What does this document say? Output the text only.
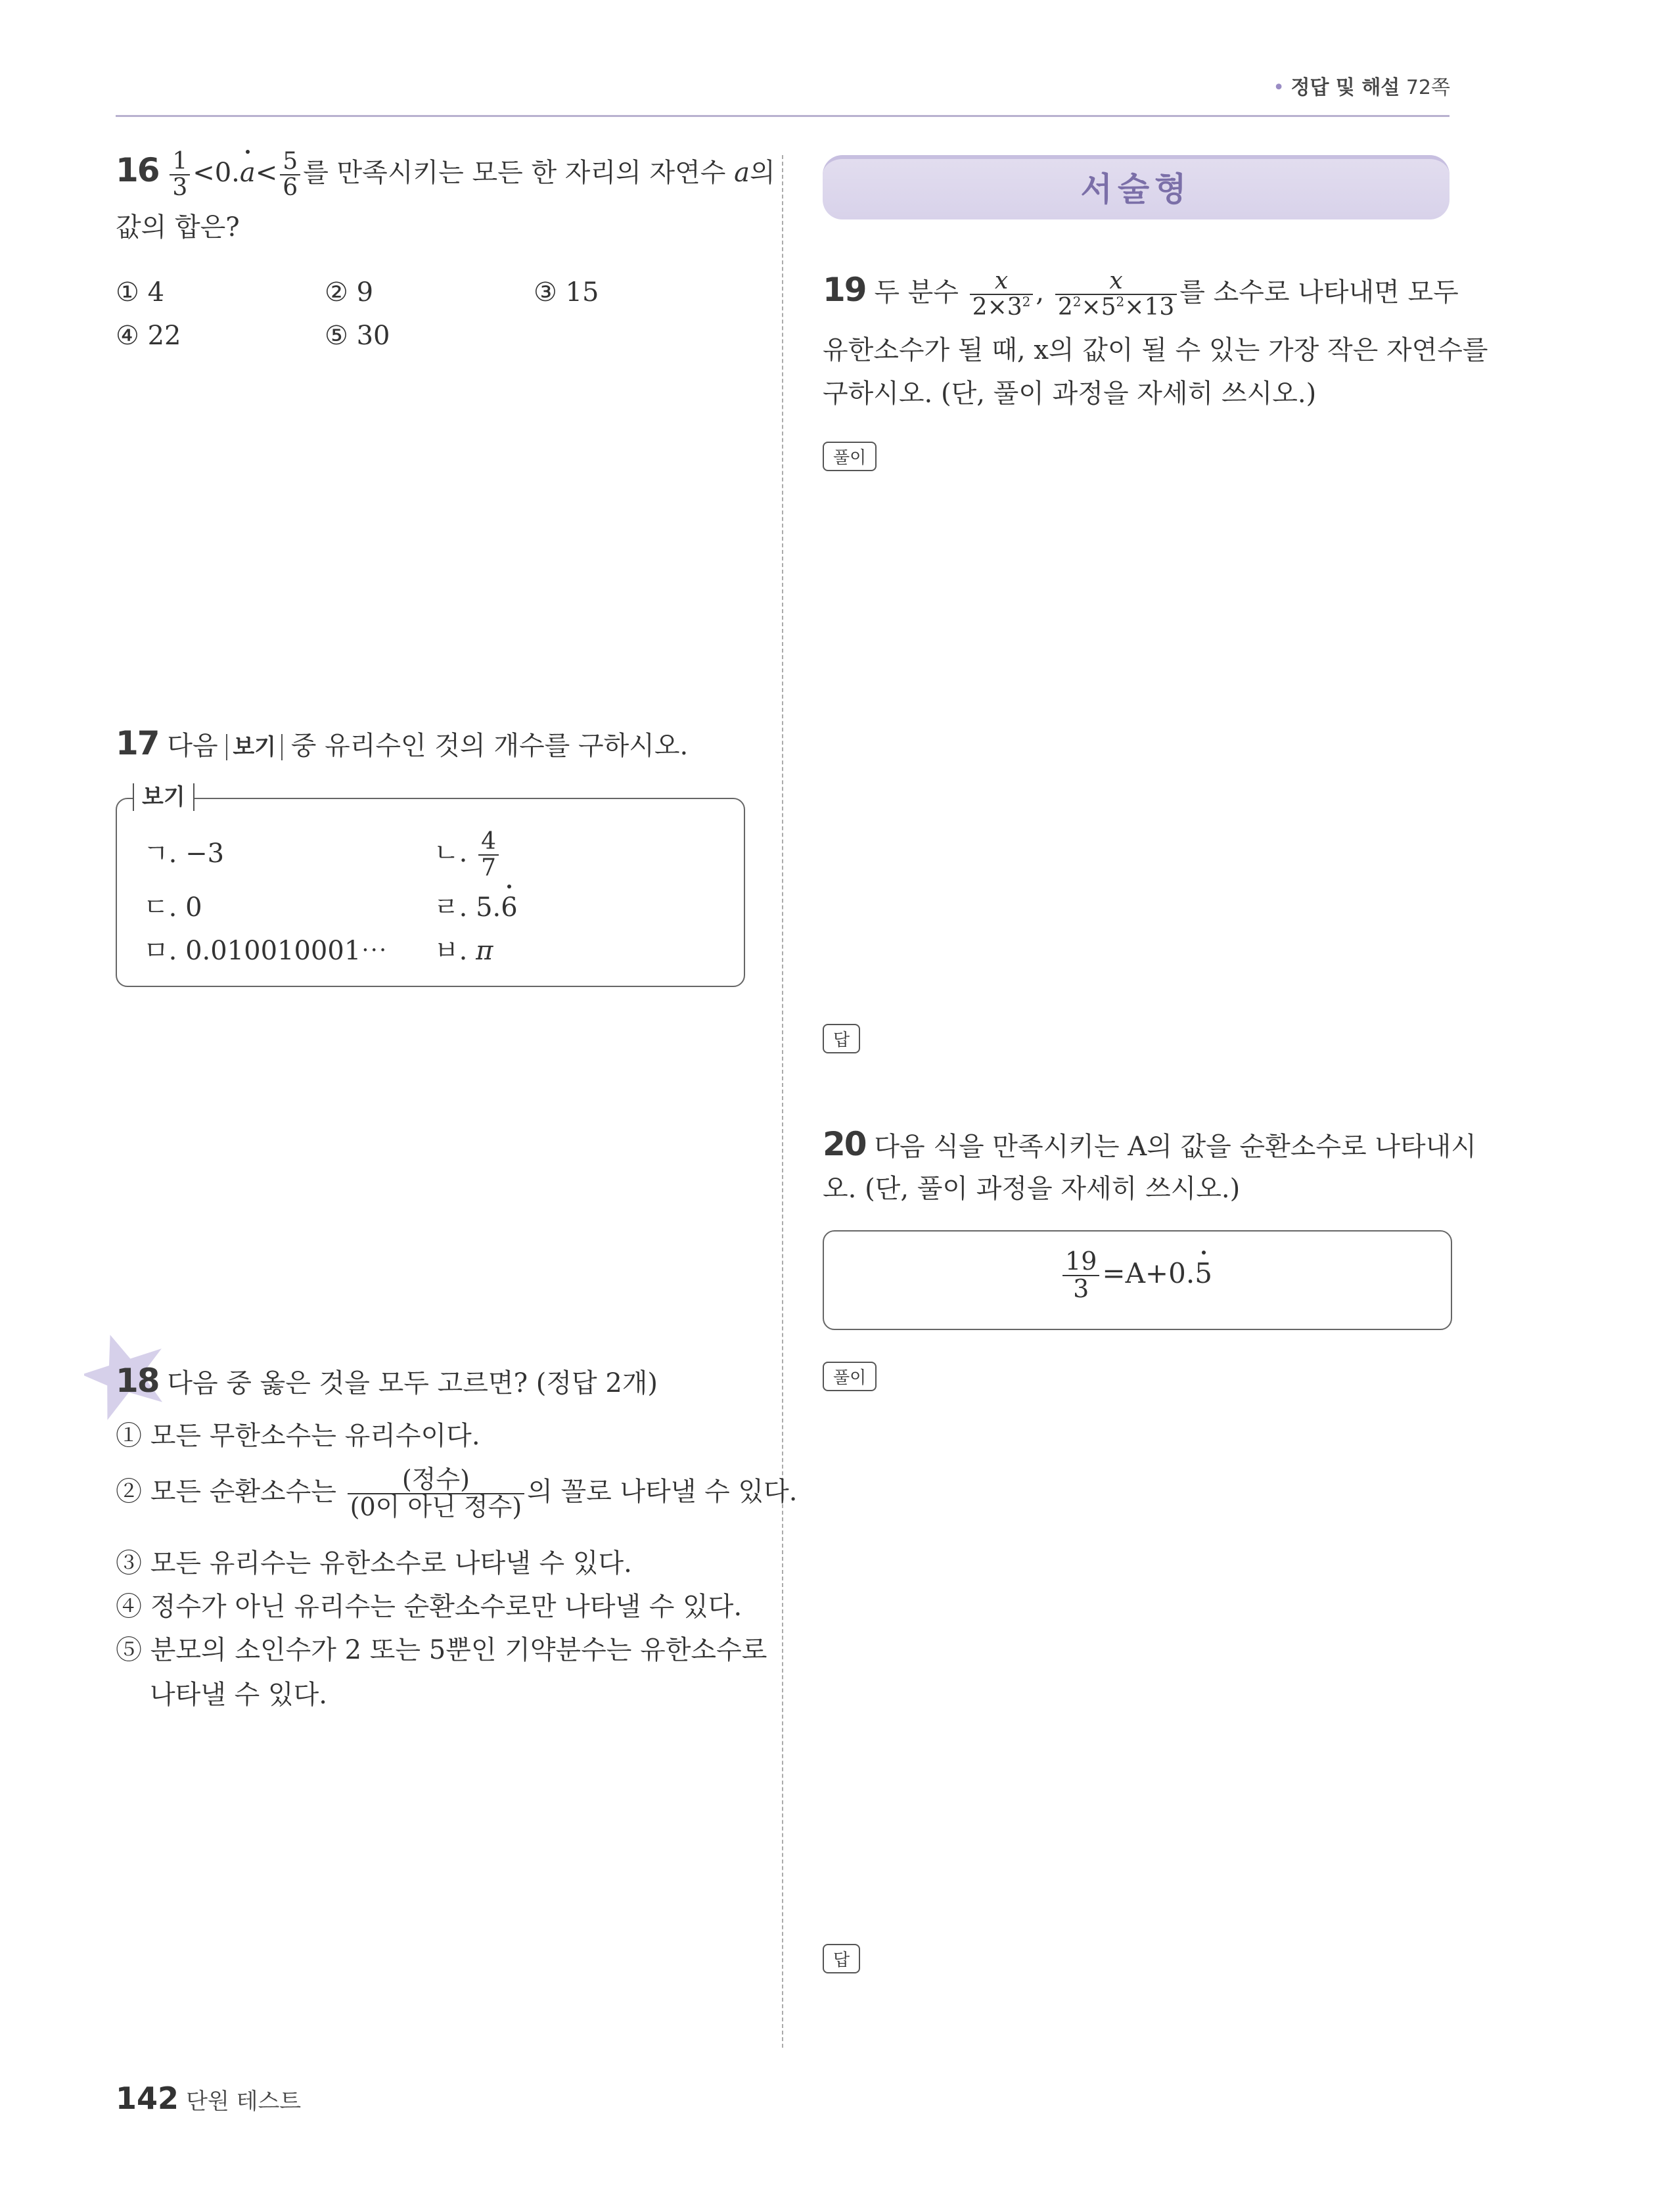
• 정답 및 해설 72쪽
$16 \frac{1}{3} <0.a< \frac{5}{6}$ 를 만족시키는 모든 한 자리의 자연수 a의
값의 합은?
① 4	② 9	③ 15
④ 22	⑤ 30
17 다음 보기 중 유리수인 것의 개수를 구하시오.
보기
ㄱ. −3	ㄴ. $\frac{4}{7}$
ㄷ. 0	ㄹ. 5.6
ㅁ. 0.010010001⋯ ㅂ. π
18 다음 중 옳은 것을 모두 고르면? (정답 2개)
① 모든 무한소수는 유리수이다.
② 모든 순환소수는 $\frac{\text{(정수)}}{\text{(0이 아닌 정수)}}$ 의 꼴로 나타낼 수 있다.
③ 모든 유리수는 유한소수로 나타낼 수 있다.
④ 정수가 아닌 유리수는 순환소수로만 나타낼 수 있다.
⑤ 분모의 소인수가 2 또는 5뿐인 기약분수는 유한소수로
나타낼 수 있다.
서술형
19 두 분수 $\frac{x}{2\times 3^2}$ , $\frac{x}{2^2\times 5^2\times 13}$ 를 소수로 나타내면 모두
유한소수가 될 때, x의 값이 될 수 있는 가장 작은 자연수를
구하시오. (단, 풀이 과정을 자세히 쓰시오.)
풀이
답
20 다음 식을 만족시키는 A의 값을 순환소수로 나타내시
오. (단, 풀이 과정을 자세히 쓰시오.)
$\frac{19}{3} =A+0.5$
풀이
답
142 단원 테스트
